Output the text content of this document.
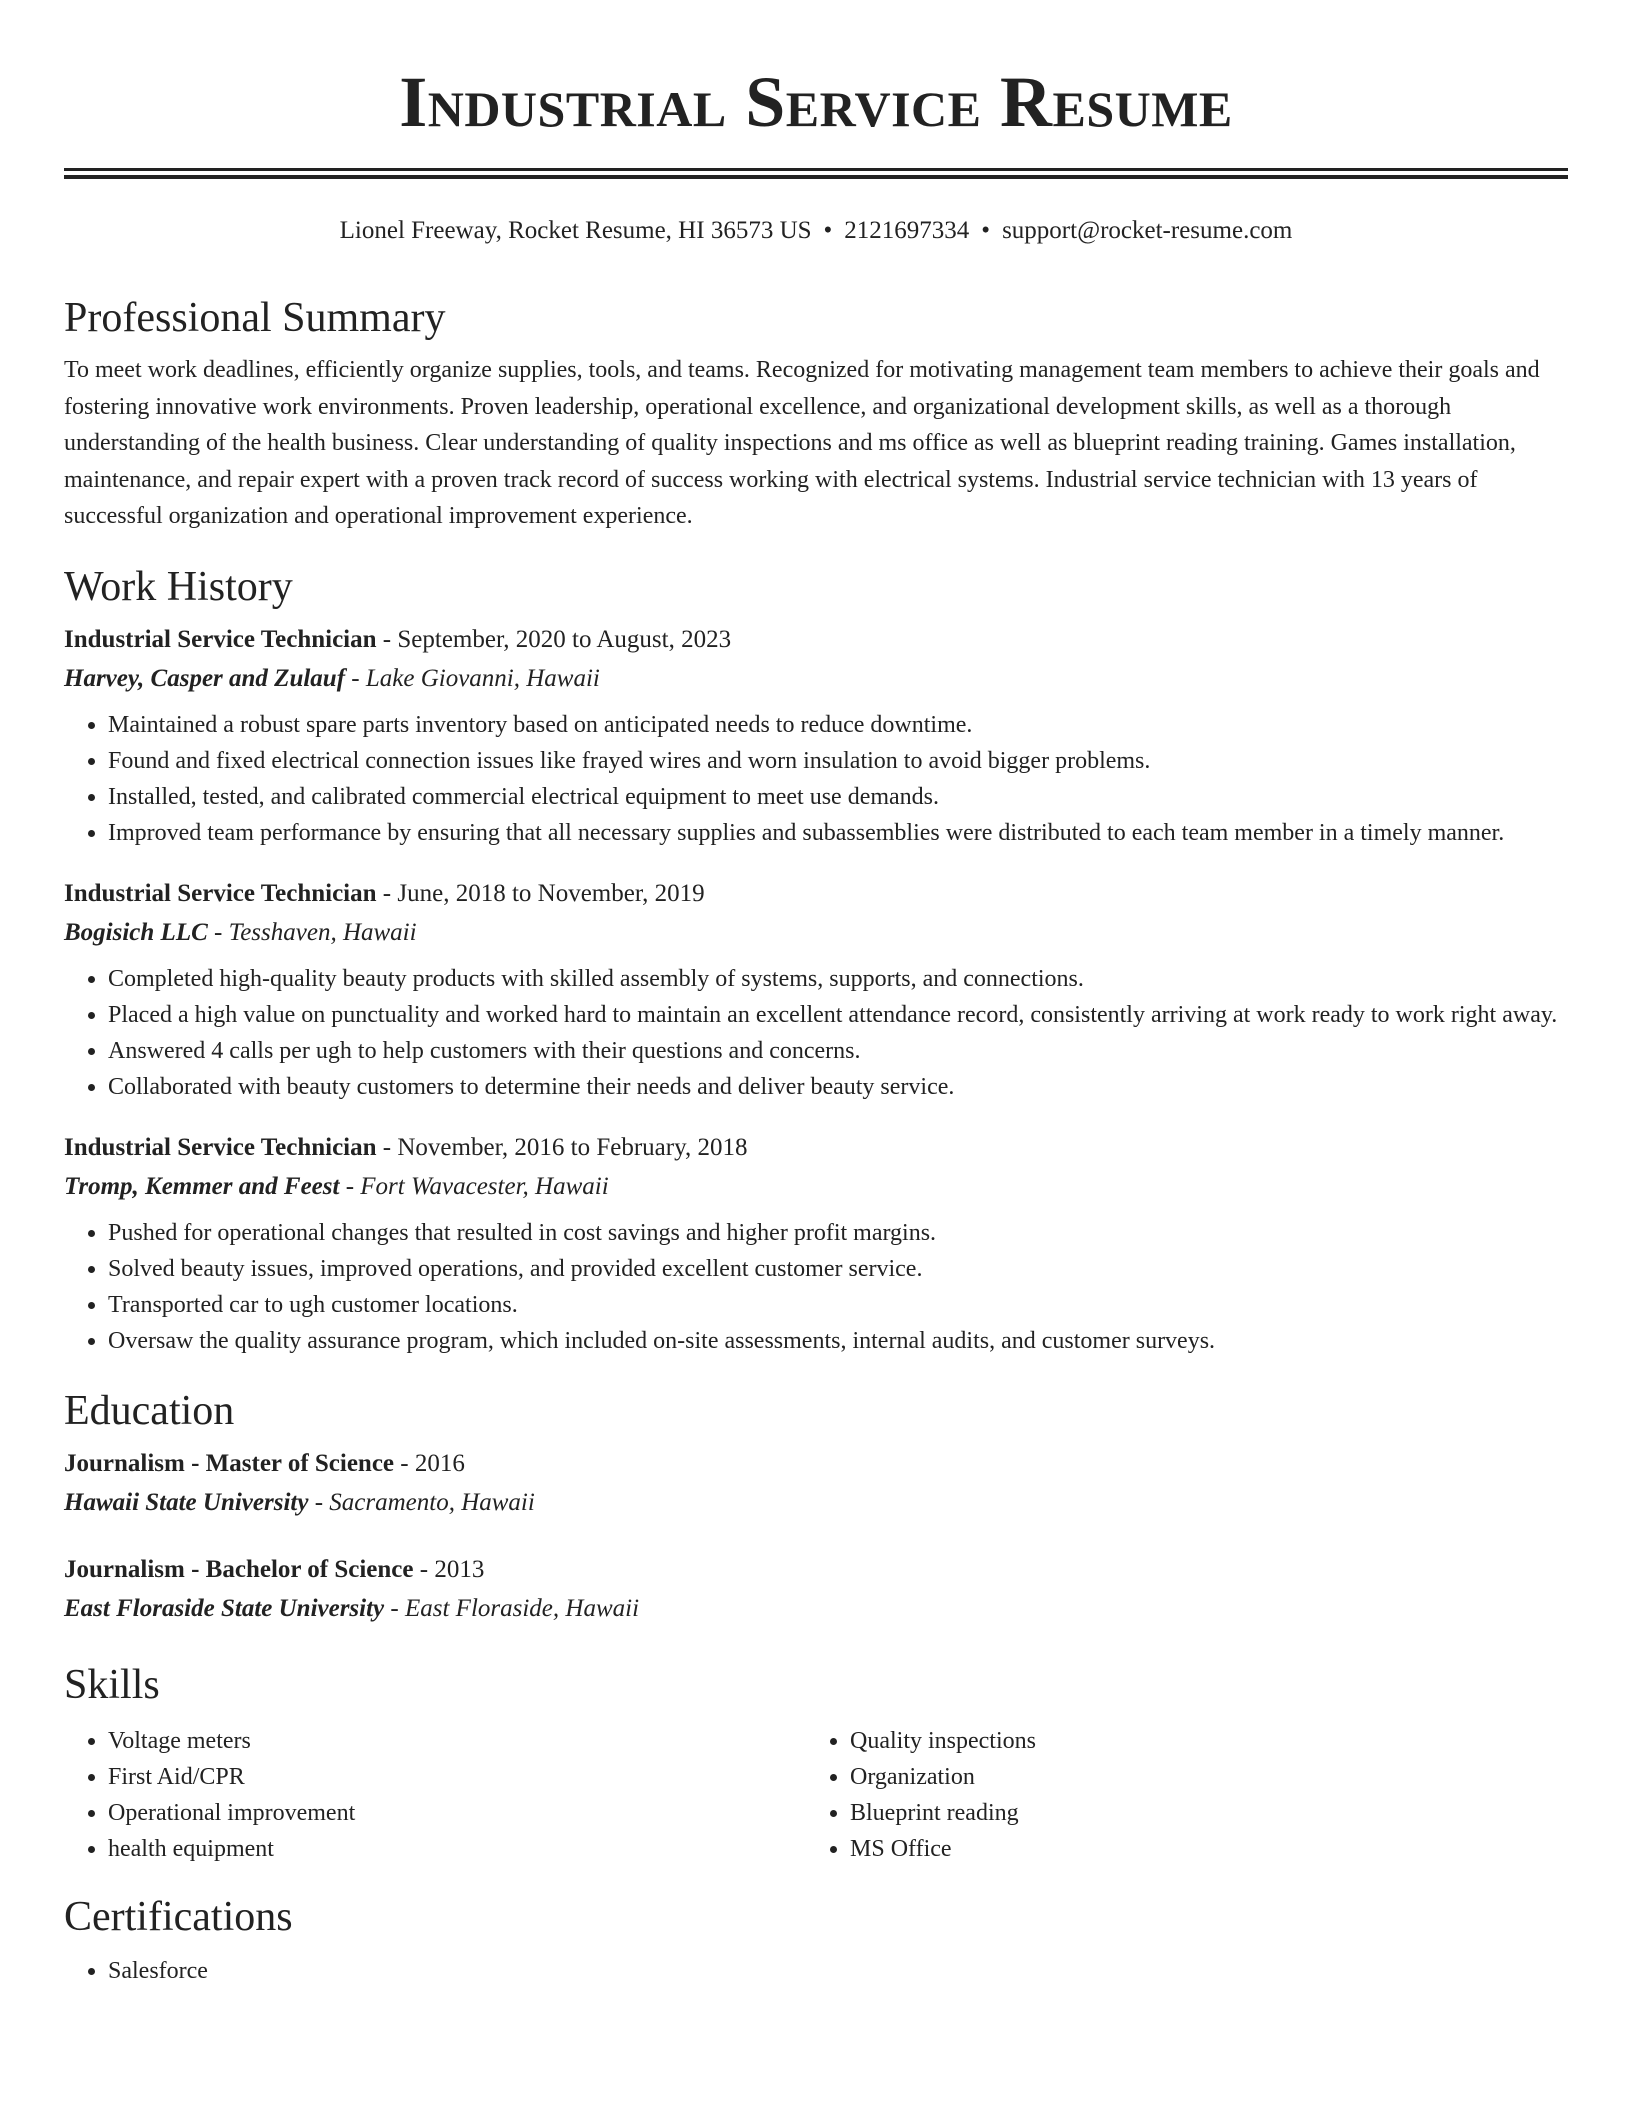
Industrial Service Resume
Lionel Freeway, Rocket Resume, HI 36573 US • 2121697334 • support@rocket-resume.com
Professional Summary

To meet work deadlines, efficiently organize supplies, tools, and teams. Recognized for motivating management team members to achieve their goals and fostering innovative work environments. Proven leadership, operational excellence, and organizational development skills, as well as a thorough understanding of the health business. Clear understanding of quality inspections and ms office as well as blueprint reading training. Games installation, maintenance, and repair expert with a proven track record of success working with electrical systems. Industrial service technician with 13 years of successful organization and operational improvement experience.

Work History
Industrial Service Technician - September, 2020 to August, 2023
Harvey, Casper and Zulauf - Lake Giovanni, Hawaii
• Maintained a robust spare parts inventory based on anticipated needs to reduce downtime.
• Found and fixed electrical connection issues like frayed wires and worn insulation to avoid bigger problems.
• Installed, tested, and calibrated commercial electrical equipment to meet use demands.
• Improved team performance by ensuring that all necessary supplies and subassemblies were distributed to each team member in a timely manner.
Industrial Service Technician - June, 2018 to November, 2019
Bogisich LLC - Tesshaven, Hawaii
• Completed high-quality beauty products with skilled assembly of systems, supports, and connections.
• Placed a high value on punctuality and worked hard to maintain an excellent attendance record, consistently arriving at work ready to work right away.
• Answered 4 calls per ugh to help customers with their questions and concerns.
• Collaborated with beauty customers to determine their needs and deliver beauty service.
Industrial Service Technician - November, 2016 to February, 2018
Tromp, Kemmer and Feest - Fort Wavacester, Hawaii
• Pushed for operational changes that resulted in cost savings and higher profit margins.
• Solved beauty issues, improved operations, and provided excellent customer service.
• Transported car to ugh customer locations.
• Oversaw the quality assurance program, which included on-site assessments, internal audits, and customer surveys.
Education
Journalism - Master of Science - 2016
Hawaii State University - Sacramento, Hawaii
Journalism - Bachelor of Science - 2013
East Floraside State University - East Floraside, Hawaii
Skills
• Voltage meters
• First Aid/CPR
• Operational improvement
• health equipment
• Quality inspections
• Organization
• Blueprint reading
• MS Office
Certifications
• Salesforce
